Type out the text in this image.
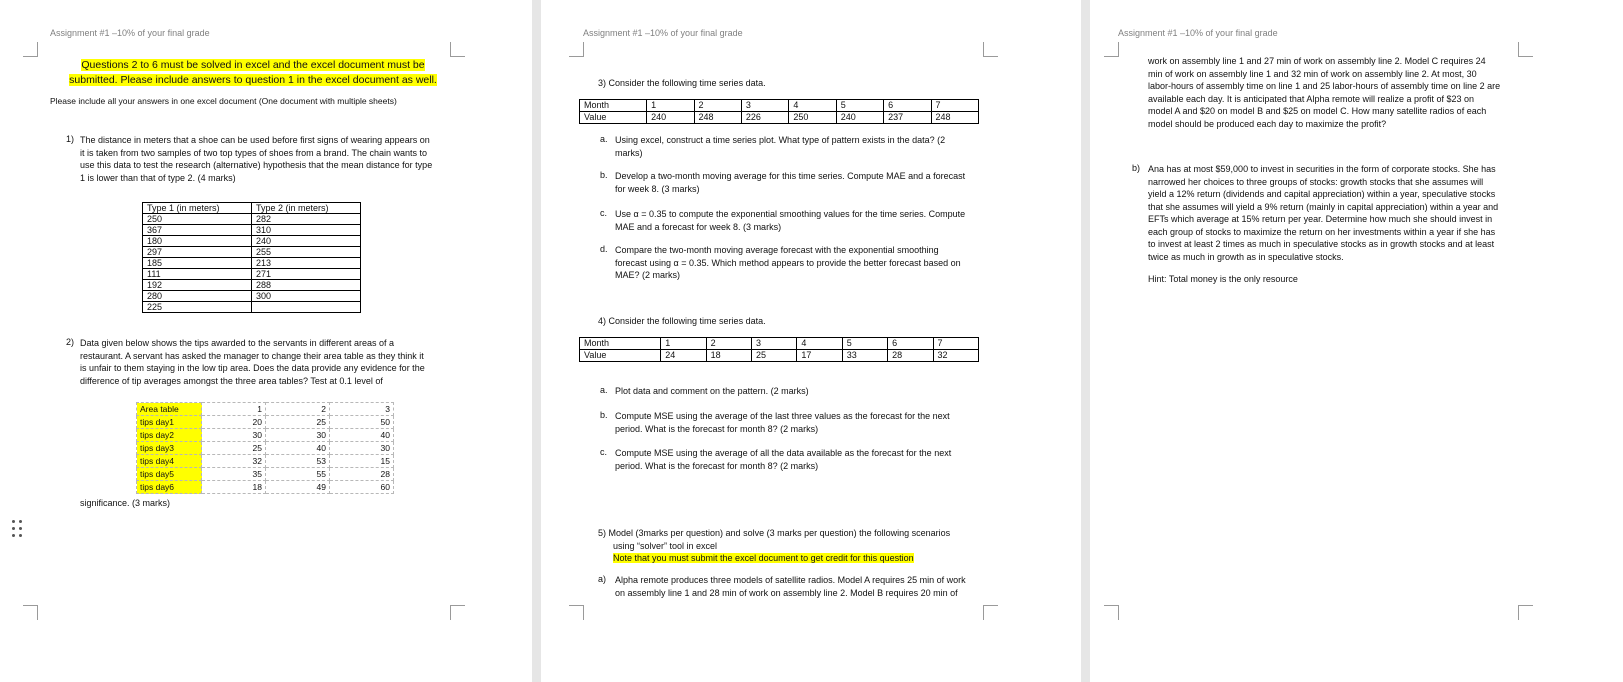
Assignment #1 –10% of your final grade
Questions 2 to 6 must be solved in excel and the excel document must be
submitted. Please include answers to question 1 in the excel document as well.
Please include all your answers in one excel document (One document with multiple sheets)
1) The distance in meters that a shoe can be used before first signs of wearing appears on
it is taken from two samples of two top types of shoes from a brand. The chain wants to
use this data to test the research (alternative) hypothesis that the mean distance for type
1 is lower than that of type 2. (4 marks)
Type 1 (in meters)	Type 2 (in meters)
250	282
367	310
180	240
297	255
185	213
111	271
192	288
280	300
225	
2) Data given below shows the tips awarded to the servants in different areas of a
restaurant. A servant has asked the manager to change their area table as they think it
is unfair to them staying in the low tip area. Does the data provide any evidence for the
difference of tip averages amongst the three area tables? Test at 0.1 level of
Area table	1	2	3
tips day1	20	25	50
tips day2	30	30	40
tips day3	25	40	30
tips day4	32	53	15
tips day5	35	55	28
tips day6	18	49	60
significance. (3 marks)
Assignment #1 –10% of your final grade
3) Consider the following time series data.
Month	1	2	3	4	5	6	7
Value	240	248	226	250	240	237	248
a. Using excel, construct a time series plot. What type of pattern exists in the data? (2
marks)
b. Develop a two-month moving average for this time series. Compute MAE and a forecast
for week 8. (3 marks)
c. Use α = 0.35 to compute the exponential smoothing values for the time series. Compute
MAE and a forecast for week 8. (3 marks)
d. Compare the two-month moving average forecast with the exponential smoothing
forecast using α = 0.35. Which method appears to provide the better forecast based on
MAE? (2 marks)
4) Consider the following time series data.
Month	1	2	3	4	5	6	7
Value	24	18	25	17	33	28	32
a. Plot data and comment on the pattern. (2 marks)
b. Compute MSE using the average of the last three values as the forecast for the next
period. What is the forecast for month 8? (2 marks)
c. Compute MSE using the average of all the data available as the forecast for the next
period. What is the forecast for month 8? (2 marks)
5) Model (3marks per question) and solve (3 marks per question) the following scenarios
using “solver” tool in excel
Note that you must submit the excel document to get credit for this question
a) Alpha remote produces three models of satellite radios. Model A requires 25 min of work
on assembly line 1 and 28 min of work on assembly line 2. Model B requires 20 min of
Assignment #1 –10% of your final grade
work on assembly line 1 and 27 min of work on assembly line 2. Model C requires 24
min of work on assembly line 1 and 32 min of work on assembly line 2. At most, 30
labor-hours of assembly time on line 1 and 25 labor-hours of assembly time on line 2 are
available each day. It is anticipated that Alpha remote will realize a profit of $23 on
model A and $20 on model B and $25 on model C. How many satellite radios of each
model should be produced each day to maximize the profit?
b) Ana has at most $59,000 to invest in securities in the form of corporate stocks. She has
narrowed her choices to three groups of stocks: growth stocks that she assumes will
yield a 12% return (dividends and capital appreciation) within a year, speculative stocks
that she assumes will yield a 9% return (mainly in capital appreciation) within a year and
EFTs which average at 15% return per year. Determine how much she should invest in
each group of stocks to maximize the return on her investments within a year if she has
to invest at least 2 times as much in speculative stocks as in growth stocks and at least
twice as much in growth as in speculative stocks.
Hint: Total money is the only resource
